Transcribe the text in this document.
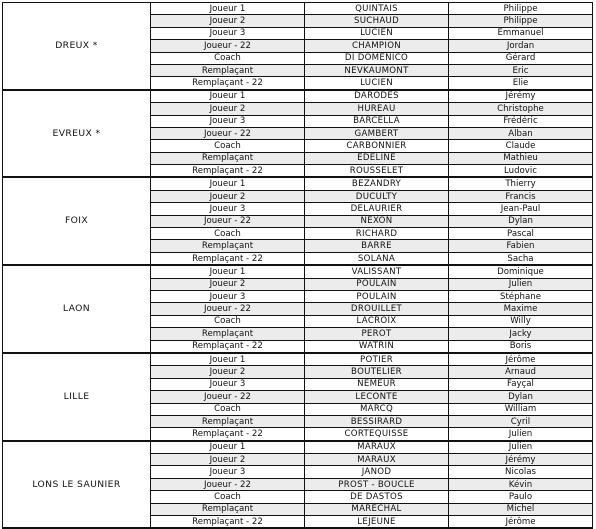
DREUX *	Joueur 1	QUINTAIS	Philippe
	Joueur 2	SUCHAUD	Philippe
	Joueur 3	LUCIEN	Emmanuel
	Joueur - 22	CHAMPION	Jordan
	Coach	DI DOMENICO	Gérard
	Remplaçant	NEVKAUMONT	Eric
	Remplaçant - 22	LUCIEN	Elie
EVREUX *	Joueur 1	DARODES	Jérémy
	Joueur 2	HUREAU	Christophe
	Joueur 3	BARCELLA	Frédéric
	Joueur - 22	GAMBERT	Alban
	Coach	CARBONNIER	Claude
	Remplaçant	EDELINE	Mathieu
	Remplaçant - 22	ROUSSELET	Ludovic
FOIX	Joueur 1	BEZANDRY	Thierry
	Joueur 2	DUCULTY	Francis
	Joueur 3	DELAURIER	Jean-Paul
	Joueur - 22	NEXON	Dylan
	Coach	RICHARD	Pascal
	Remplaçant	BARRE	Fabien
	Remplaçant - 22	SOLANA	Sacha
LAON	Joueur 1	VALISSANT	Dominique
	Joueur 2	POULAIN	Julien
	Joueur 3	POULAIN	Stéphane
	Joueur - 22	DROUILLET	Maxime
	Coach	LACROIX	Willy
	Remplaçant	PEROT	Jacky
	Remplaçant - 22	WATRIN	Boris
LILLE	Joueur 1	POTIER	Jérôme
	Joueur 2	BOUTELIER	Arnaud
	Joueur 3	NEMEUR	Fayçal
	Joueur - 22	LECONTE	Dylan
	Coach	MARCQ	William
	Remplaçant	BESSIRARD	Cyril
	Remplaçant - 22	CORTEQUISSE	Julien
LONS LE SAUNIER	Joueur 1	MARAUX	Julien
	Joueur 2	MARAUX	Jérémy
	Joueur 3	JANOD	Nicolas
	Joueur - 22	PROST - BOUCLE	Kévin
	Coach	DE DASTOS	Paulo
	Remplaçant	MARECHAL	Michel
	Remplaçant - 22	LEJEUNE	Jérôme
